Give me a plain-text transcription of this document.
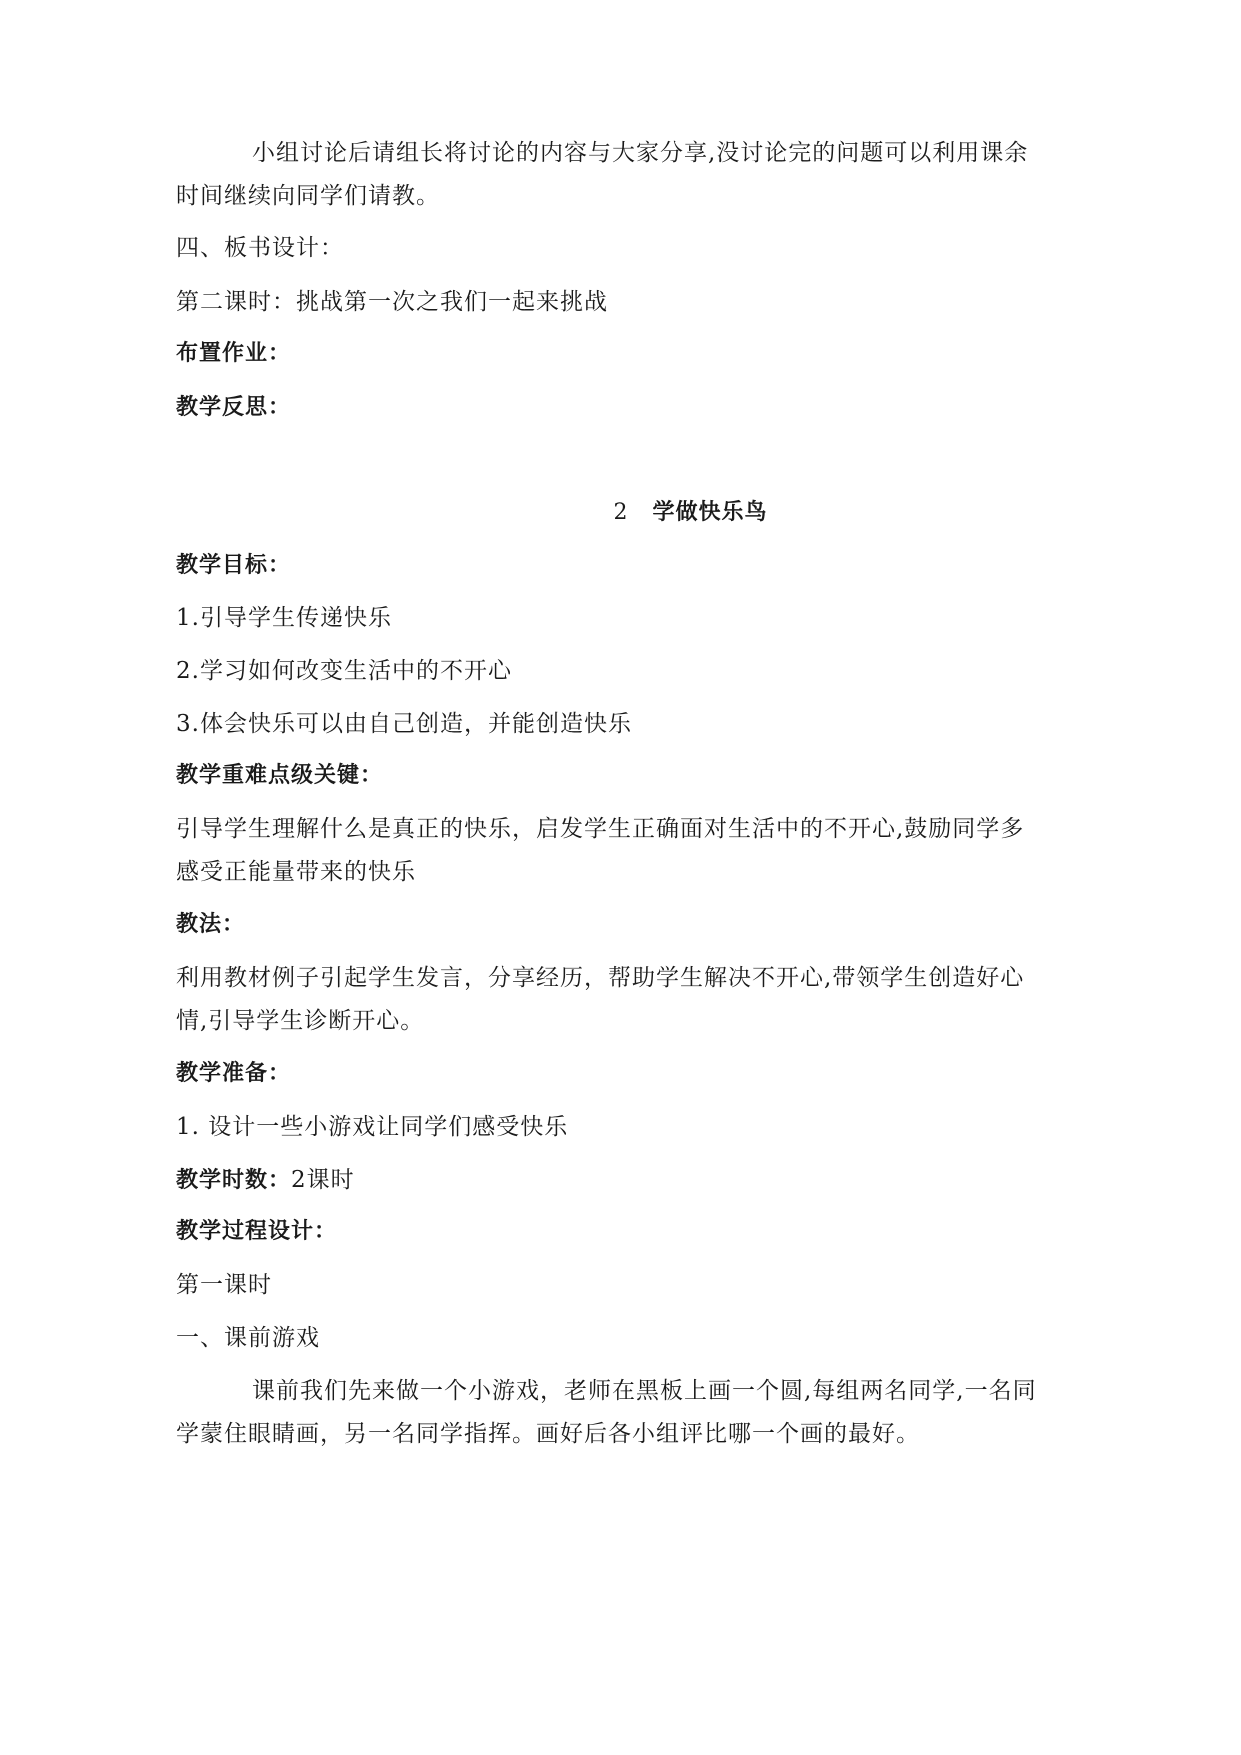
小组讨论后请组长将讨论的内容与大家分享,没讨论完的问题可以利用课余
时间继续向同学们请教。
四、板书设计：
第二课时：挑战第一次之我们一起来挑战
布置作业：
教学反思：
2 学做快乐鸟
教学目标：
1.引导学生传递快乐
2.学习如何改变生活中的不开心
3.体会快乐可以由自己创造，并能创造快乐
教学重难点级关键：
引导学生理解什么是真正的快乐，启发学生正确面对生活中的不开心,鼓励同学多
感受正能量带来的快乐
教法：
利用教材例子引起学生发言，分享经历，帮助学生解决不开心,带领学生创造好心
情,引导学生诊断开心。
教学准备：
1. 设计一些小游戏让同学们感受快乐
教学时数：2课时
教学过程设计：
第一课时
一、课前游戏
课前我们先来做一个小游戏，老师在黑板上画一个圆,每组两名同学,一名同
学蒙住眼睛画，另一名同学指挥。画好后各小组评比哪一个画的最好。
